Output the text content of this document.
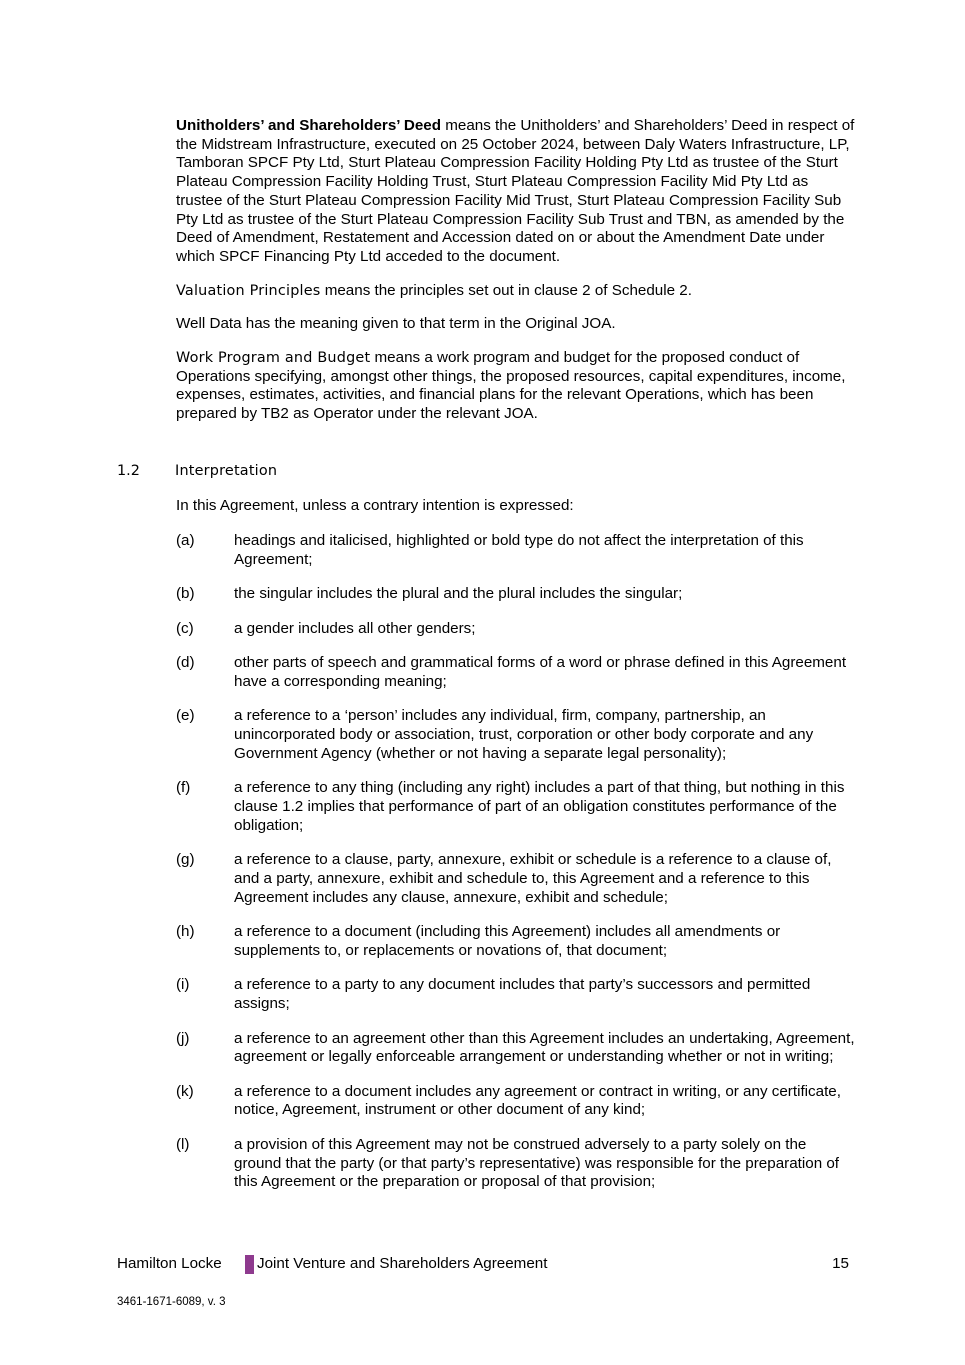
Unitholders’ and Shareholders’ Deed means the Unitholders’ and Shareholders’ Deed in respect of the Midstream Infrastructure, executed on 25 October 2024, between Daly Waters Infrastructure, LP, Tamboran SPCF Pty Ltd, Sturt Plateau Compression Facility Holding Pty Ltd as trustee of the Sturt Plateau Compression Facility Holding Trust, Sturt Plateau Compression Facility Mid Pty Ltd as trustee of the Sturt Plateau Compression Facility Mid Trust, Sturt Plateau Compression Facility Sub Pty Ltd as trustee of the Sturt Plateau Compression Facility Sub Trust and TBN, as amended by the Deed of Amendment, Restatement and Accession dated on or about the Amendment Date under which SPCF Financing Pty Ltd acceded to the document.

Valuation Principles means the principles set out in clause 2 of Schedule 2.

Well Data has the meaning given to that term in the Original JOA.

Work Program and Budget means a work program and budget for the proposed conduct of Operations specifying, amongst other things, the proposed resources, capital expenditures, income, expenses, estimates, activities, and financial plans for the relevant Operations, which has been prepared by TB2 as Operator under the relevant JOA.

1.2 Interpretation
In this Agreement, unless a contrary intention is expressed:
(a)	headings and italicised, highlighted or bold type do not affect the interpretation of this Agreement;
(b)	the singular includes the plural and the plural includes the singular;
(c)	a gender includes all other genders;
(d)	other parts of speech and grammatical forms of a word or phrase defined in this Agreement have a corresponding meaning;
(e)	a reference to a ‘person’ includes any individual, firm, company, partnership, an unincorporated body or association, trust, corporation or other body corporate and any Government Agency (whether or not having a separate legal personality);
(f)	a reference to any thing (including any right) includes a part of that thing, but nothing in this clause 1.2 implies that performance of part of an obligation constitutes performance of the obligation;
(g)	a reference to a clause, party, annexure, exhibit or schedule is a reference to a clause of, and a party, annexure, exhibit and schedule to, this Agreement and a reference to this Agreement includes any clause, annexure, exhibit and schedule;
(h)	a reference to a document (including this Agreement) includes all amendments or supplements to, or replacements or novations of, that document;
(i)	a reference to a party to any document includes that party’s successors and permitted assigns;
(j)	a reference to an agreement other than this Agreement includes an undertaking, Agreement, agreement or legally enforceable arrangement or understanding whether or not in writing;
(k)	a reference to a document includes any agreement or contract in writing, or any certificate, notice, Agreement, instrument or other document of any kind;
(l)	a provision of this Agreement may not be construed adversely to a party solely on the ground that the party (or that party’s representative) was responsible for the preparation of this Agreement or the preparation or proposal of that provision;
Hamilton Locke Joint Venture and Shareholders Agreement	15
3461-1671-6089, v. 3
